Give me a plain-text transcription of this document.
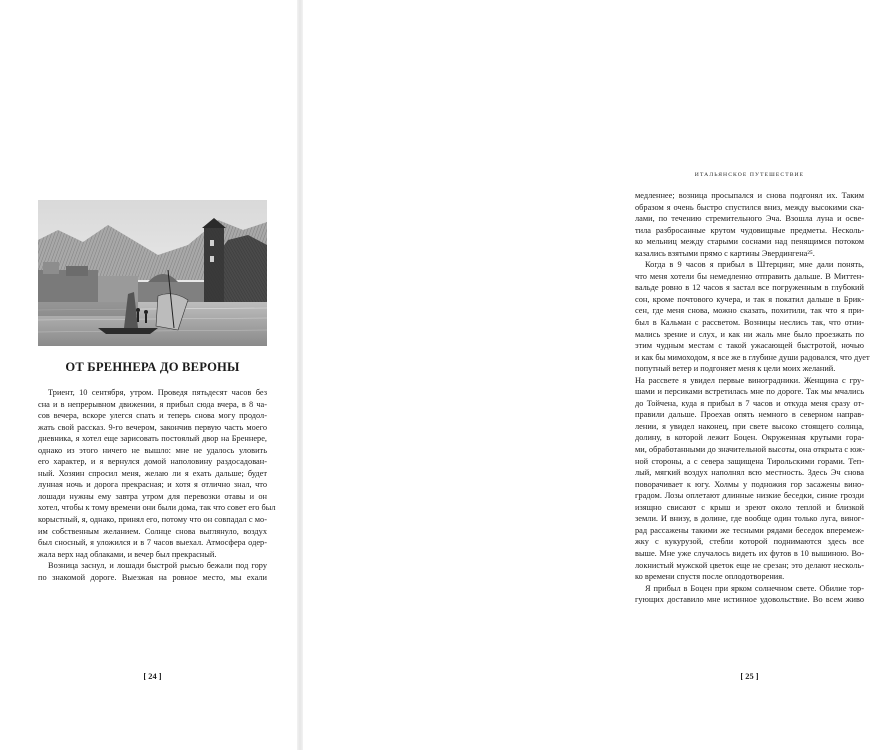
ОТ БРЕННЕРА ДО ВЕРОНЫ
Триент, 10 сентября, утром. Проведя пятьдесят часов без
сна и в непрерывном движении, я прибыл сюда вчера, в 8 ча-
сов вечера, вскоре улегся спать и теперь снова могу продол-
жать свой рассказ. 9-го вечером, закончив первую часть моего
дневника, я хотел еще зарисовать постоялый двор на Бреннере,
однако из этого ничего не вышло: мне не удалось уловить
его характер, и я вернулся домой наполовину раздосадован-
ный. Хозяин спросил меня, желаю ли я ехать дальше; будет
лунная ночь и дорога прекрасная; и хотя я отлично знал, что
лошади нужны ему завтра утром для перевозки отавы и он
хотел, чтобы к тому времени они были дома, так что совет его был
корыстный, я, однако, принял его, потому что он совпадал с мо-
им собственным желанием. Солнце снова выглянуло, воздух
был сносный, я уложился и в 7 часов выехал. Атмосфера одер-
жала верх над облаками, и вечер был прекрасный.
Возница заснул, и лошади быстрой рысью бежали под гору
по знакомой дороге. Выезжая на ровное место, мы ехали
[ 24 ]
ИТАЛЬЯНСКОЕ ПУТЕШЕСТВИЕ
медленнее; возница просыпался и снова подгонял их. Таким
образом я очень быстро спустился вниз, между высокими ска-
лами, по течению стремительного Эча. Взошла луна и осве-
тила разбросанные крутом чудовищные предметы. Несколь-
ко мельниц между старыми соснами над пенящимся потоком
казались взятыми прямо с картины Эвердингена²⁵.
Когда в 9 часов я прибыл в Штерцинг, мне дали понять,
что меня хотели бы немедленно отправить дальше. В Миттен-
вальде ровно в 12 часов я застал все погруженным в глубокий
сон, кроме почтового кучера, и так я покатил дальше в Брик-
сен, где меня снова, можно сказать, похитили, так что я при-
был в Кальман с рассветом. Возницы неслись так, что отни-
мались зрение и слух, и как ни жаль мне было проезжать по
этим чудным местам с такой ужасающей быстротой, ночью
и как бы мимоходом, я все же в глубине души радовался, что дует
попутный ветер и подгоняет меня к цели моих желаний.
На рассвете я увидел первые виноградники. Женщина с гру-
шами и персиками встретилась мне по дороге. Так мы мчались
до Тойчена, куда я прибыл в 7 часов и откуда меня сразу от-
правили дальше. Проехав опять немного в северном направ-
лении, я увидел наконец, при свете высоко стоящего солнца,
долину, в которой лежит Боцен. Окруженная крутыми гора-
ми, обработанными до значительной высоты, она открыта с юж-
ной стороны, а с севера защищена Тирольскими горами. Теп-
лый, мягкий воздух наполнял всю местность. Здесь Эч снова
поворачивает к югу. Холмы у подножия гор засажены вино-
градом. Лозы оплетают длинные низкие беседки, синие грозди
изящно свисают с крыш и зреют около теплой и близкой
земли. И внизу, в долине, где вообще один только луга, виног-
рад рассажены такими же тесными рядами беседок вперемеж-
жку с кукурузой, стебли которой поднимаются здесь все
выше. Мне уже случалось видеть их футов в 10 вышиною. Во-
локнистый мужской цветок еще не срезан; это делают несколь-
ко времени спустя после оплодотворения.
Я прибыл в Боцен при ярком солнечном свете. Обилие тор-
гующих доставило мне истинное удовольствие. Во всем живо
[ 25 ]
